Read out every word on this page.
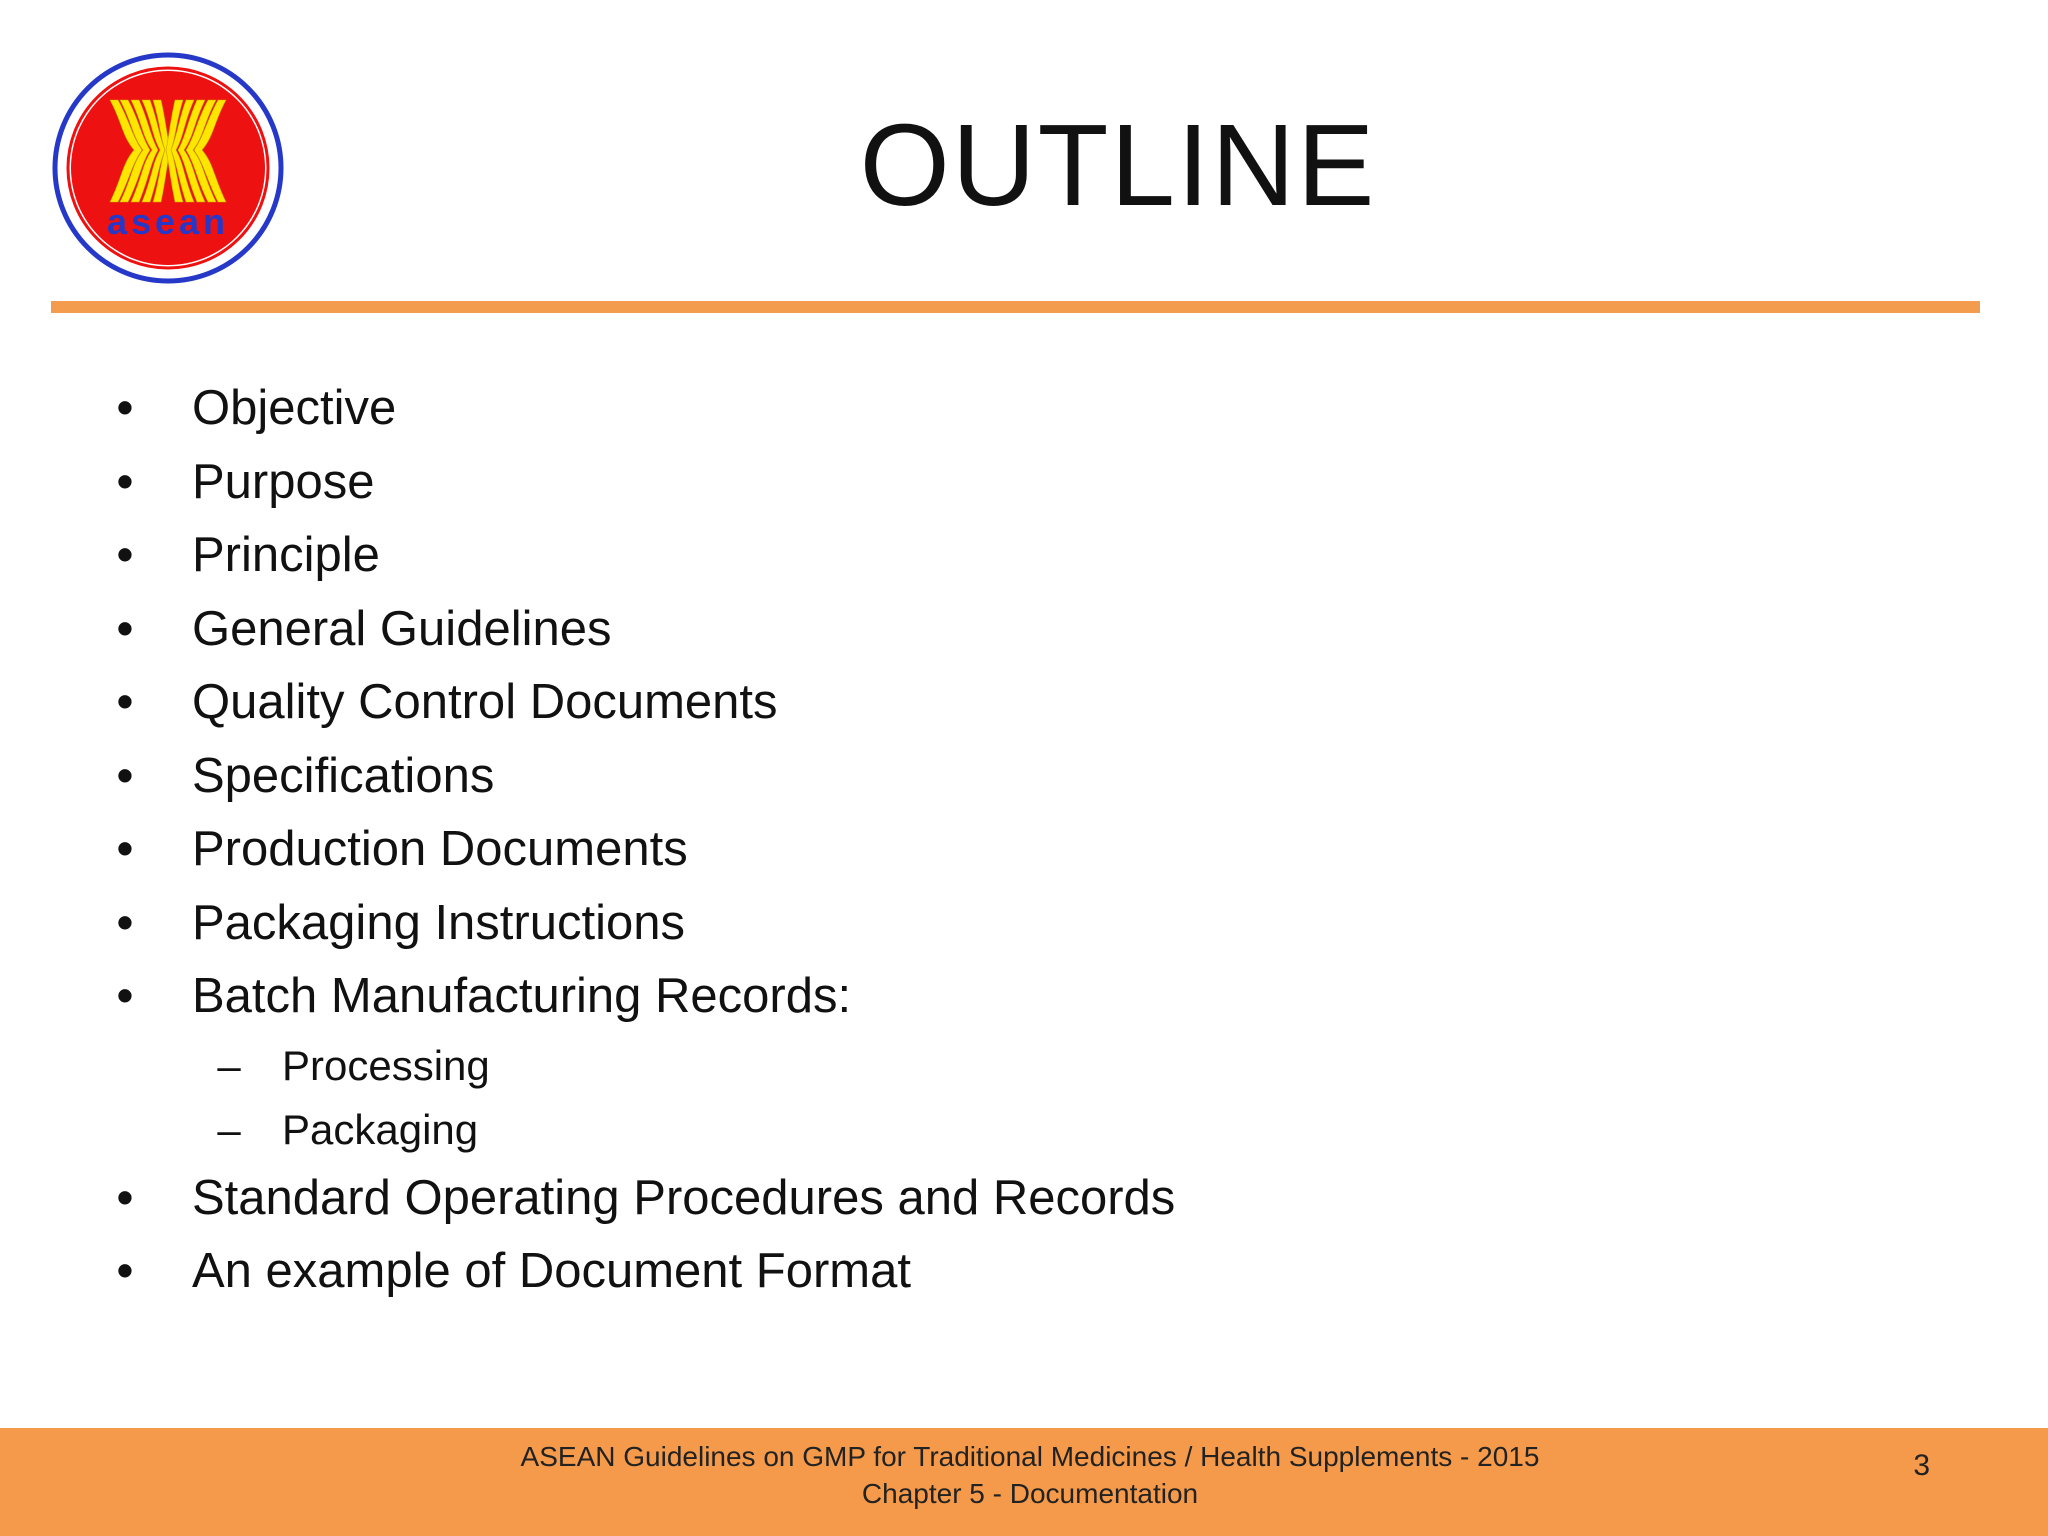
asean	OUTLINE
• Objective
• Purpose
• Principle
• General Guidelines
• Quality Control Documents
• Specifications
• Production Documents
• Packaging Instructions
• Batch Manufacturing Records:
– Processing
– Packaging
• Standard Operating Procedures and Records
• An example of Document Format
ASEAN Guidelines on GMP for Traditional Medicines / Health Supplements - 2015
Chapter 5 - Documentation
3
